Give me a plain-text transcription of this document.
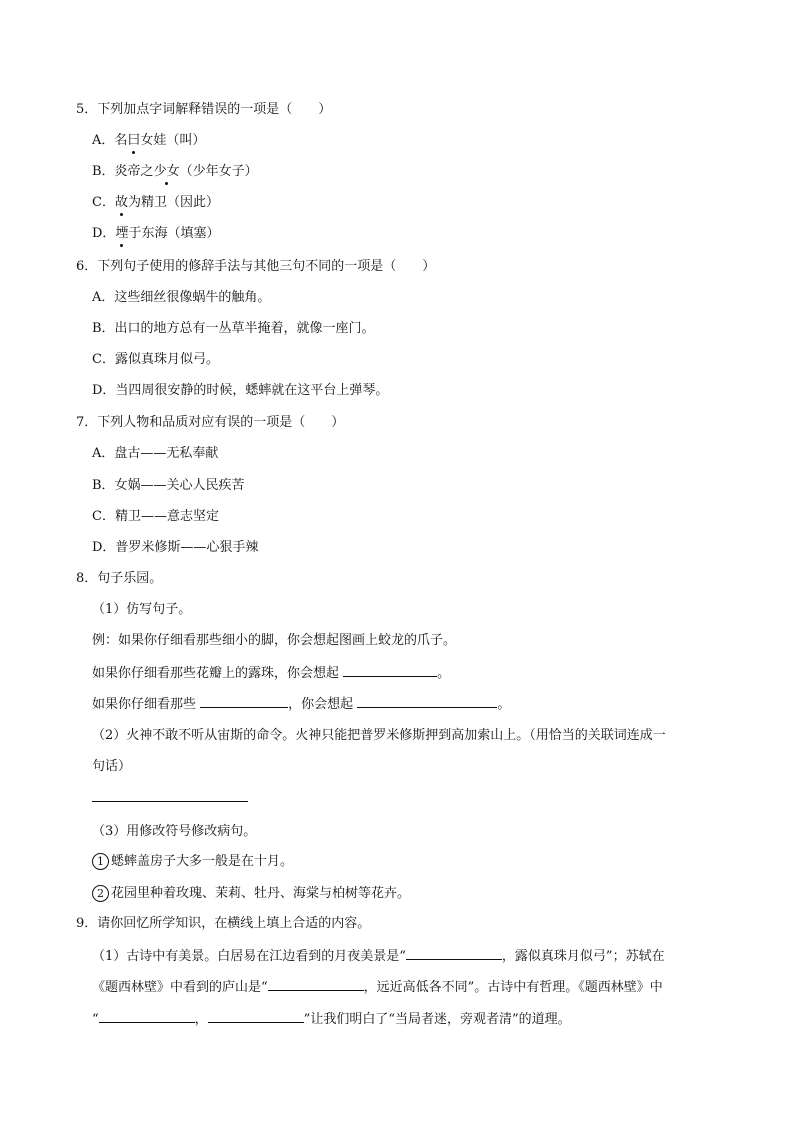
5．下列加点字词解释错误的一项是（　　）
A．名曰女娃（叫）
B．炎帝之少女（少年女子）
C．故为精卫（因此）
D．堙于东海（填塞）
6．下列句子使用的修辞手法与其他三句不同的一项是（　　）
A．这些细丝很像蜗牛的触角。
B．出口的地方总有一丛草半掩着，就像一座门。
C．露似真珠月似弓。
D．当四周很安静的时候，蟋蟀就在这平台上弹琴。
7．下列人物和品质对应有误的一项是（　　）
A．盘古——无私奉献
B．女娲——关心人民疾苦
C．精卫——意志坚定
D．普罗米修斯——心狠手辣
8．句子乐园。
（1）仿写句子。
例：如果你仔细看那些细小的脚，你会想起图画上蛟龙的爪子。
如果你仔细看那些花瓣上的露珠，你会想起	。
如果你仔细看那些	，你会想起	。
（2）火神不敢不听从宙斯的命令。火神只能把普罗米修斯押到高加索山上。（用恰当的关联词连成一
句话）
（3）用修改符号修改病句。
1 蟋蟀盖房子大多一般是在十月。
2 花园里种着玫瑰、茉莉、牡丹、海棠与柏树等花卉。
9．请你回忆所学知识，在横线上填上合适的内容。
（1）古诗中有美景。白居易在江边看到的月夜美景是“	，露似真珠月似弓”；苏轼在
《题西林壁》中看到的庐山是“	，远近高低各不同”。古诗中有哲理。《题西林壁》中
“	，	”让我们明白了“当局者迷，旁观者清”的道理。
